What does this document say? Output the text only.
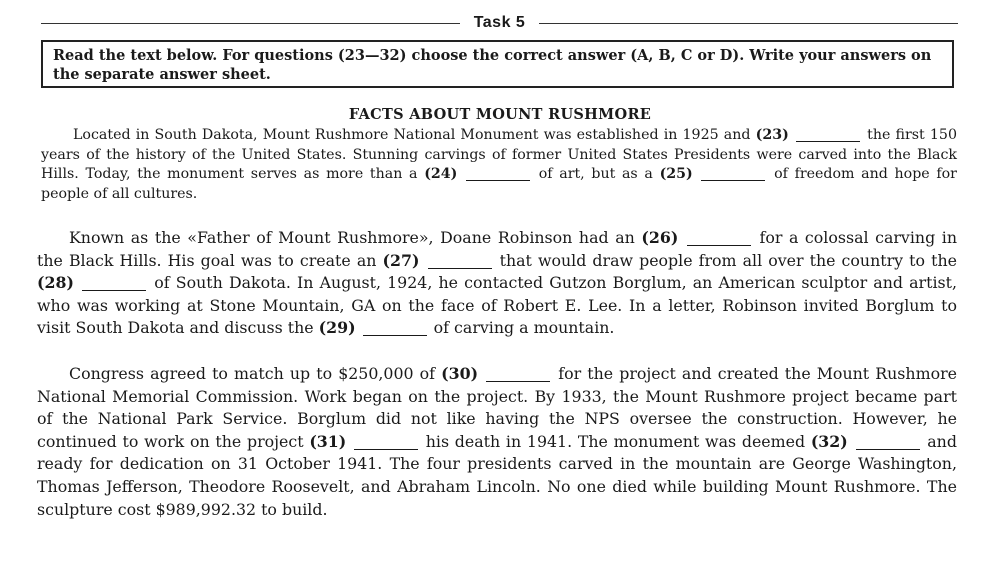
Task 5
Read the text below. For questions (23—32) choose the correct answer (A, B, C or D). Write your answers on the separate answer sheet.
FACTS ABOUT MOUNT RUSHMORE
Located in South Dakota, Mount Rushmore National Monument was established in 1925 and (23)	the first 150 years of the history of the United States. Stunning carvings of former United States Presidents were carved into the Black Hills. Today, the monument serves as more than a (24)	of art, but as a (25)	of freedom and hope for people of all cultures.
Known as the «Father of Mount Rushmore», Doane Robinson had an (26)	for a colossal carving in the Black Hills. His goal was to create an (27)	that would draw people from all over the country to the (28)	of South Dakota. In August, 1924, he contacted Gutzon Borglum, an American sculptor and artist, who was working at Stone Mountain, GA on the face of Robert E. Lee. In a letter, Robinson invited Borglum to visit South Dakota and discuss the (29)	of carving a mountain.
Congress agreed to match up to $250,000 of (30)	for the project and created the Mount Rushmore National Memorial Commission. Work began on the project. By 1933, the Mount Rushmore project became part of the National Park Service. Borglum did not like having the NPS oversee the construction. However, he continued to work on the project (31)	his death in 1941. The monument was deemed (32)	and ready for dedication on 31 October 1941. The four presidents carved in the mountain are George Washington, Thomas Jefferson, Theodore Roosevelt, and Abraham Lincoln. No one died while building Mount Rushmore. The sculpture cost $989,992.32 to build.
